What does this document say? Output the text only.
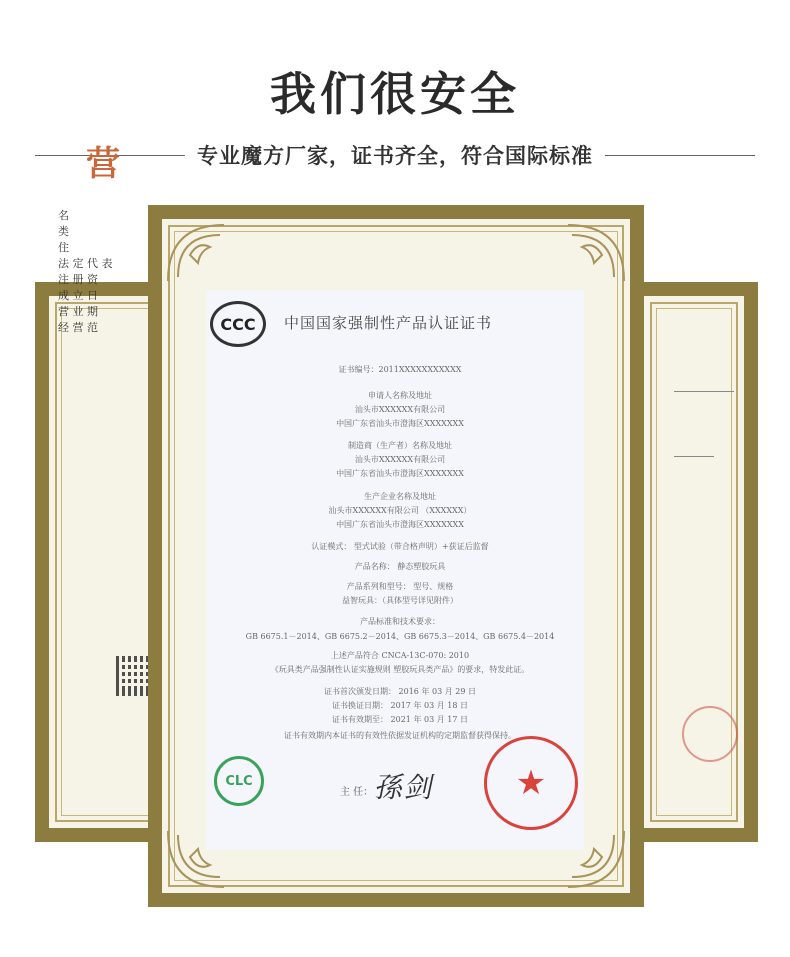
我们很安全
专业魔方厂家，证书齐全，符合国际标准
营
名
类
住
法 定 代 表
注 册 资
成 立 日
营 业 期
经 营 范	CCC	中国国家强制性产品认证证书
证书编号：2011XXXXXXXXXXX
申请人名称及地址
汕头市XXXXXX有限公司
中国广东省汕头市澄海区XXXXXXX
制造商（生产者）名称及地址
汕头市XXXXXX有限公司
中国广东省汕头市澄海区XXXXXXX
生产企业名称及地址
汕头市XXXXXX有限公司 （XXXXXX）
中国广东省汕头市澄海区XXXXXXX
认证模式： 型式试验（带合格声明）+获证后监督
产品名称： 静态塑胶玩具
产品系列和型号： 型号、规格
益智玩具：（具体型号详见附件）
产品标准和技术要求：
GB 6675.1－2014、GB 6675.2－2014、GB 6675.3－2014、GB 6675.4－2014
上述产品符合 CNCA-13C-070: 2010
《玩具类产品强制性认证实施规则 塑胶玩具类产品》的要求，特发此证。
证书首次颁发日期： 2016 年 03 月 29 日
证书换证日期： 2017 年 03 月 18 日
证书有效期至： 2021 年 03 月 17 日
证书有效期内本证书的有效性依据发证机构的定期监督获得保持。
CLC
主 任：
孫剑	★
